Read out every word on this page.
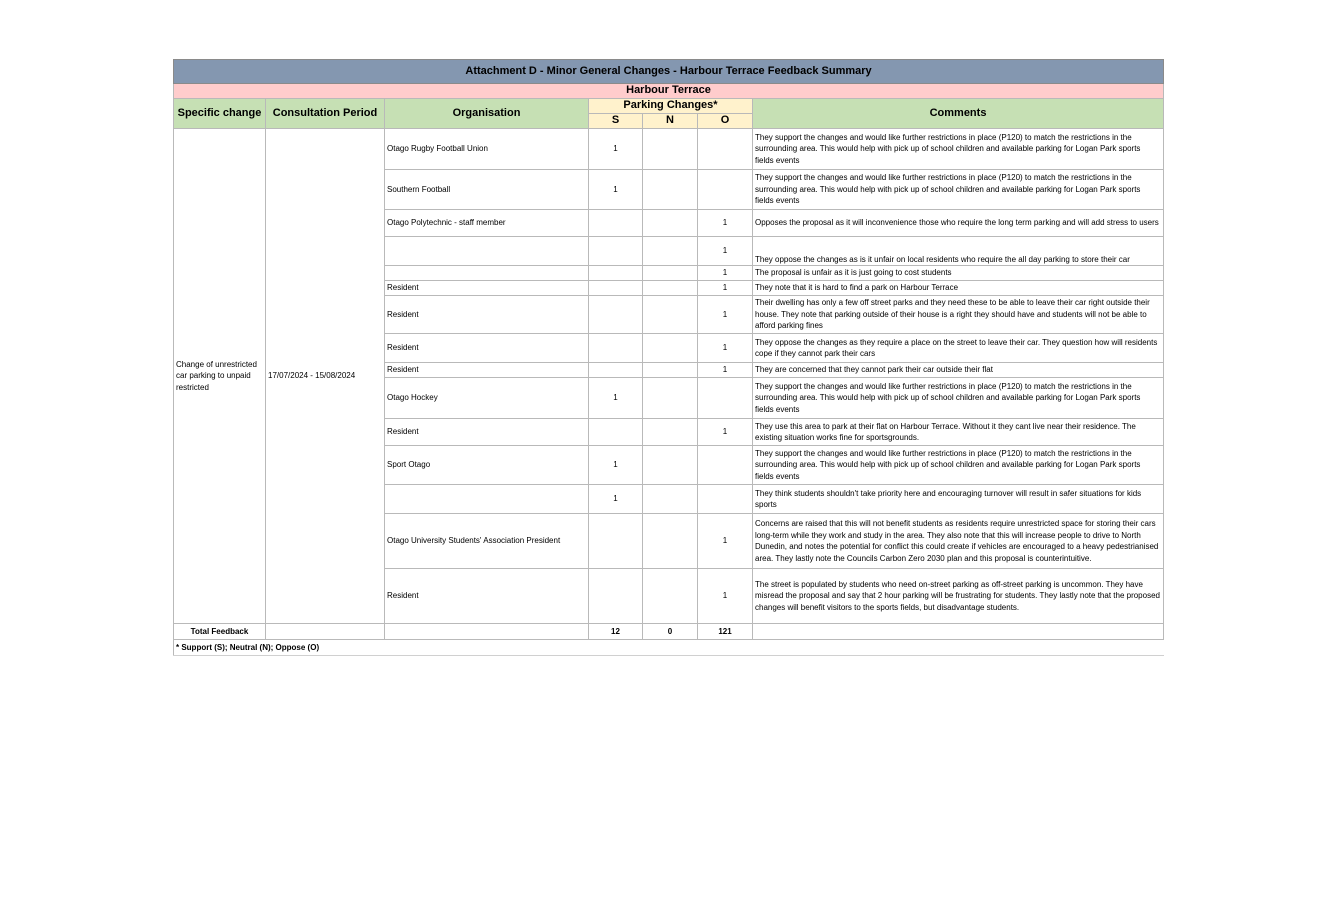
Attachment D - Minor General Changes - Harbour Terrace Feedback Summary						
Harbour Terrace						
Specific change	Consultation Period	Organisation	Parking Changes*			Comments
			S	N	O	
Change of unrestricted car parking to unpaid restricted	17/07/2024 - 15/08/2024	Otago Rugby Football Union	1			They support the changes and would like further restrictions in place (P120) to match the restrictions in the surrounding area. This would help with pick up of school children and available parking for Logan Park sports fields events
		Southern Football	1			They support the changes and would like further restrictions in place (P120) to match the restrictions in the surrounding area. This would help with pick up of school children and available parking for Logan Park sports fields events
		Otago Polytechnic - staff member			1	Opposes the proposal as it will inconvenience those who require the long term parking and will add stress to users
					1	They oppose the changes as is it unfair on local residents who require the all day parking to store their car
					1	The proposal is unfair as it is just going to cost students
		Resident			1	They note that it is hard to find a park on Harbour Terrace
		Resident			1	Their dwelling has only a few off street parks and they need these to be able to leave their car right outside their house. They note that parking outside of their house is a right they should have and students will not be able to afford parking fines
		Resident			1	They oppose the changes as they require a place on the street to leave their car. They question how will residents cope if they cannot park their cars
		Resident			1	They are concerned that they cannot park their car outside their flat
		Otago Hockey	1			They support the changes and would like further restrictions in place (P120) to match the restrictions in the surrounding area. This would help with pick up of school children and available parking for Logan Park sports fields events
		Resident			1	They use this area to park at their flat on Harbour Terrace. Without it they cant live near their residence. The existing situation works fine for sportsgrounds.
		Sport Otago	1			They support the changes and would like further restrictions in place (P120) to match the restrictions in the surrounding area. This would help with pick up of school children and available parking for Logan Park sports fields events
			1			They think students shouldn't take priority here and encouraging turnover will result in safer situations for kids sports
		Otago University Students' Association President			1	Concerns are raised that this will not benefit students as residents require unrestricted space for storing their cars long-term while they work and study in the area. They also note that this will increase people to drive to North Dunedin, and notes the potential for conflict this could create if vehicles are encouraged to a heavy pedestrianised area. They lastly note the Councils Carbon Zero 2030 plan and this proposal is counterintuitive.
		Resident			1	The street is populated by students who need on-street parking as off-street parking is uncommon. They have misread the proposal and say that 2 hour parking will be frustrating for students. They lastly note that the proposed changes will benefit visitors to the sports fields, but disadvantage students.
Total Feedback			12	0	121	
* Support (S); Neutral (N); Oppose (O)						
